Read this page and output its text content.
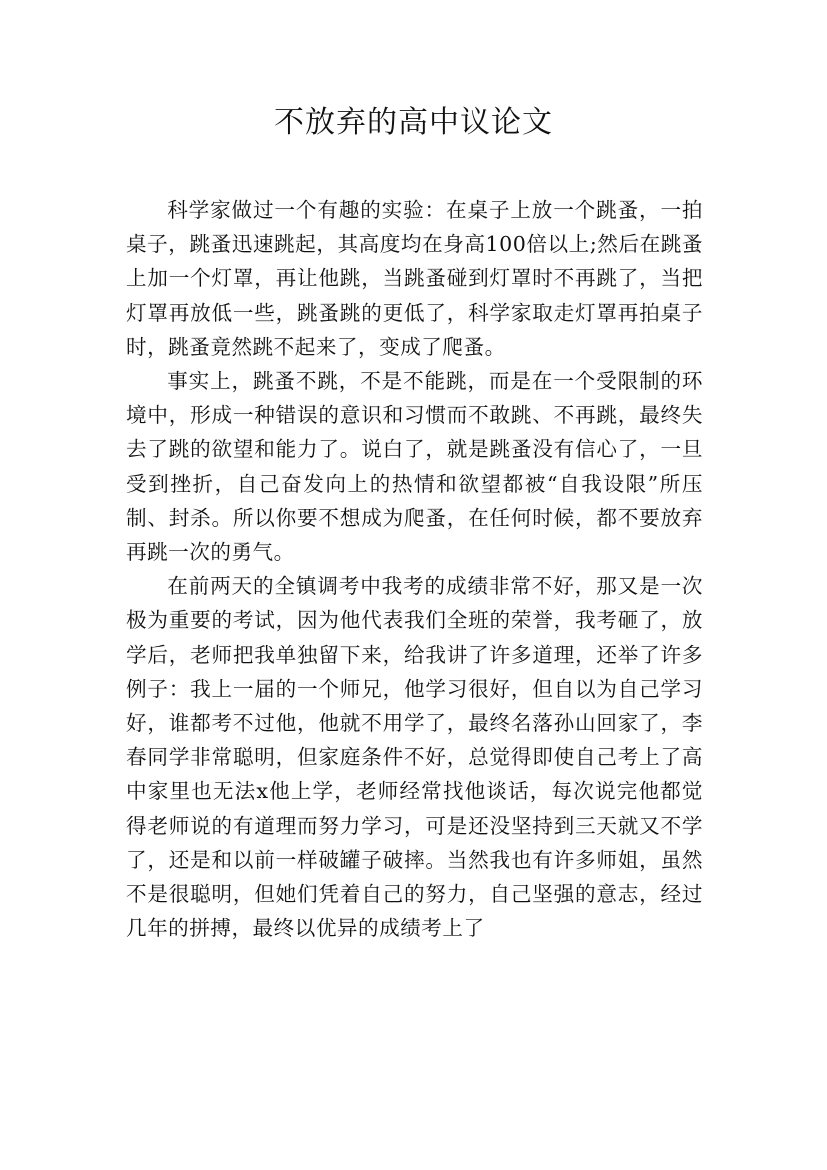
不放弃的高中议论文

科学家做过一个有趣的实验：在桌子上放一个跳蚤，一拍桌子，跳蚤迅速跳起，其高度均在身高100倍以上;然后在跳蚤上加一个灯罩，再让他跳，当跳蚤碰到灯罩时不再跳了，当把灯罩再放低一些，跳蚤跳的更低了，科学家取走灯罩再拍桌子时，跳蚤竟然跳不起来了，变成了爬蚤。

事实上，跳蚤不跳，不是不能跳，而是在一个受限制的环境中，形成一种错误的意识和习惯而不敢跳、不再跳，最终失去了跳的欲望和能力了。说白了，就是跳蚤没有信心了，一旦受到挫折，自己奋发向上的热情和欲望都被“自我设限”所压制、封杀。所以你要不想成为爬蚤，在任何时候，都不要放弃再跳一次的勇气。

在前两天的全镇调考中我考的成绩非常不好，那又是一次极为重要的考试，因为他代表我们全班的荣誉，我考砸了，放学后，老师把我单独留下来，给我讲了许多道理，还举了许多例子：我上一届的一个师兄，他学习很好，但自以为自己学习好，谁都考不过他，他就不用学了，最终名落孙山回家了，李春同学非常聪明，但家庭条件不好，总觉得即使自己考上了高中家里也无法x他上学，老师经常找他谈话，每次说完他都觉得老师说的有道理而努力学习，可是还没坚持到三天就又不学了，还是和以前一样破罐子破摔。当然我也有许多师姐，虽然不是很聪明，但她们凭着自己的努力，自己坚强的意志，经过几年的拼搏，最终以优异的成绩考上了
